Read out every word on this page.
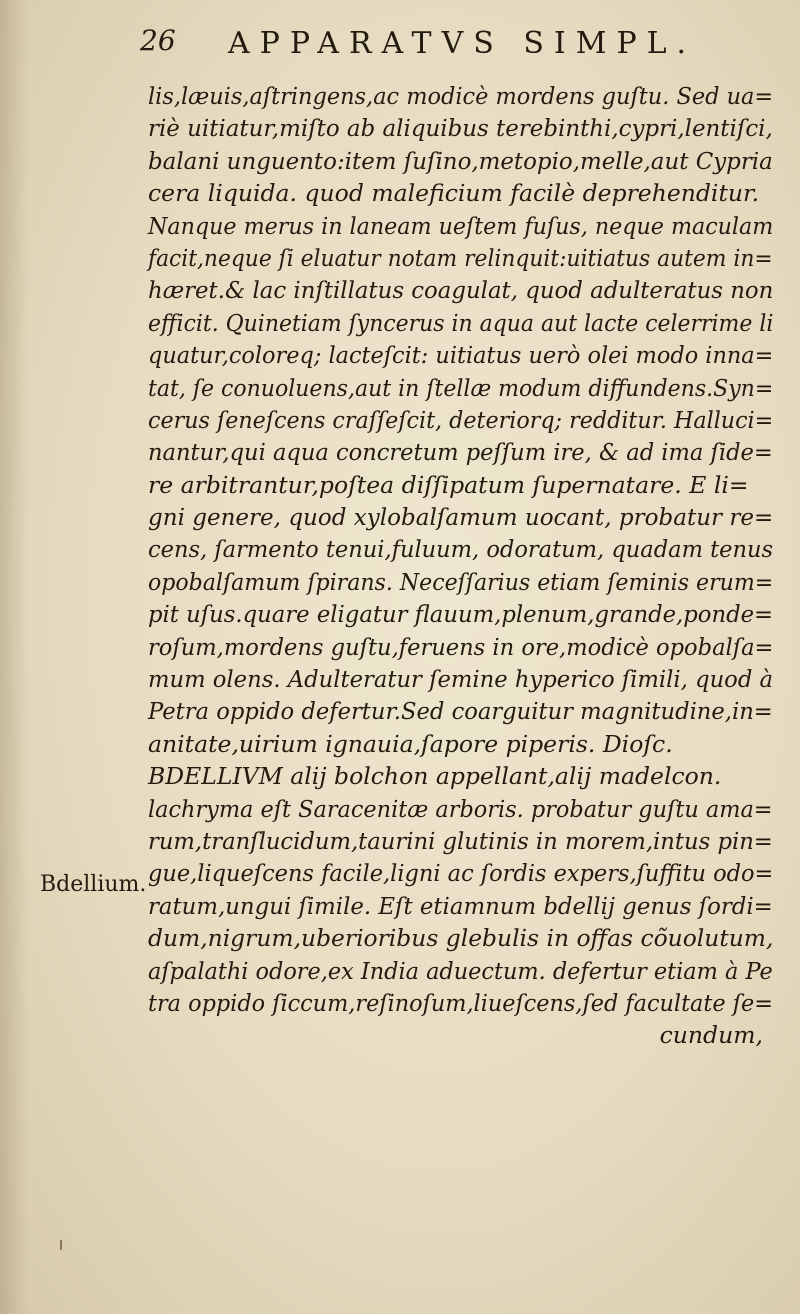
26 APPARATVS SIMPL.
Bdellium.
lis,læuis,aſtringens,ac modicè mordens guſtu. Sed ua=
riè uitiatur,miſto ab aliquibus terebinthi,cypri,lentiſci,
balani unguento:item ſuſino,metopio,melle,aut Cypria
cera liquida. quod maleficium facilè deprehenditur.
Nanque merus in laneam ueſtem fuſus, neque maculam
facit,neque ſi eluatur notam relinquit:uitiatus autem in=
hæret.& lac inſtillatus coagulat, quod adulteratus non
efficit. Quinetiam ſyncerus in aqua aut lacte celerrime li
quatur,coloreq; lacteſcit: uitiatus uerò olei modo inna=
tat, ſe conuoluens,aut in ſtellæ modum diffundens.Syn=
cerus ſeneſcens craſſeſcit, deteriorq; redditur. Halluci=
nantur,qui aqua concretum peſſum ire, & ad ima ſide=
re arbitrantur,poſtea diſſipatum ſupernatare. E li=
gni genere, quod xylobalſamum uocant, probatur re=
cens, ſarmento tenui,fuluum, odoratum, quadam tenus
opobalſamum ſpirans. Neceſſarius etiam ſeminis erum=
pit uſus.quare eligatur flauum,plenum,grande,ponde=
roſum,mordens guſtu,feruens in ore,modicè opobalſa=
mum olens. Adulteratur ſemine hyperico ſimili, quod à
Petra oppido defertur.Sed coarguitur magnitudine,in=
anitate,uirium ignauia,ſapore piperis. Dioſc.
BDELLIVM alij bolchon appellant,alij madelcon.
lachryma eſt Saracenitæ arboris. probatur guſtu ama=
rum,tranſlucidum,taurini glutinis in morem,intus pin=
gue,liqueſcens facile,ligni ac ſordis expers,ſuffitu odo=
ratum,ungui ſimile. Eſt etiamnum bdellij genus ſordi=
dum,nigrum,uberioribus glebulis in offas cõuolutum,
aſpalathi odore,ex India aduectum. defertur etiam à Pe
tra oppido ſiccum,reſinoſum,liueſcens,ſed facultate ſe=
cundum,
